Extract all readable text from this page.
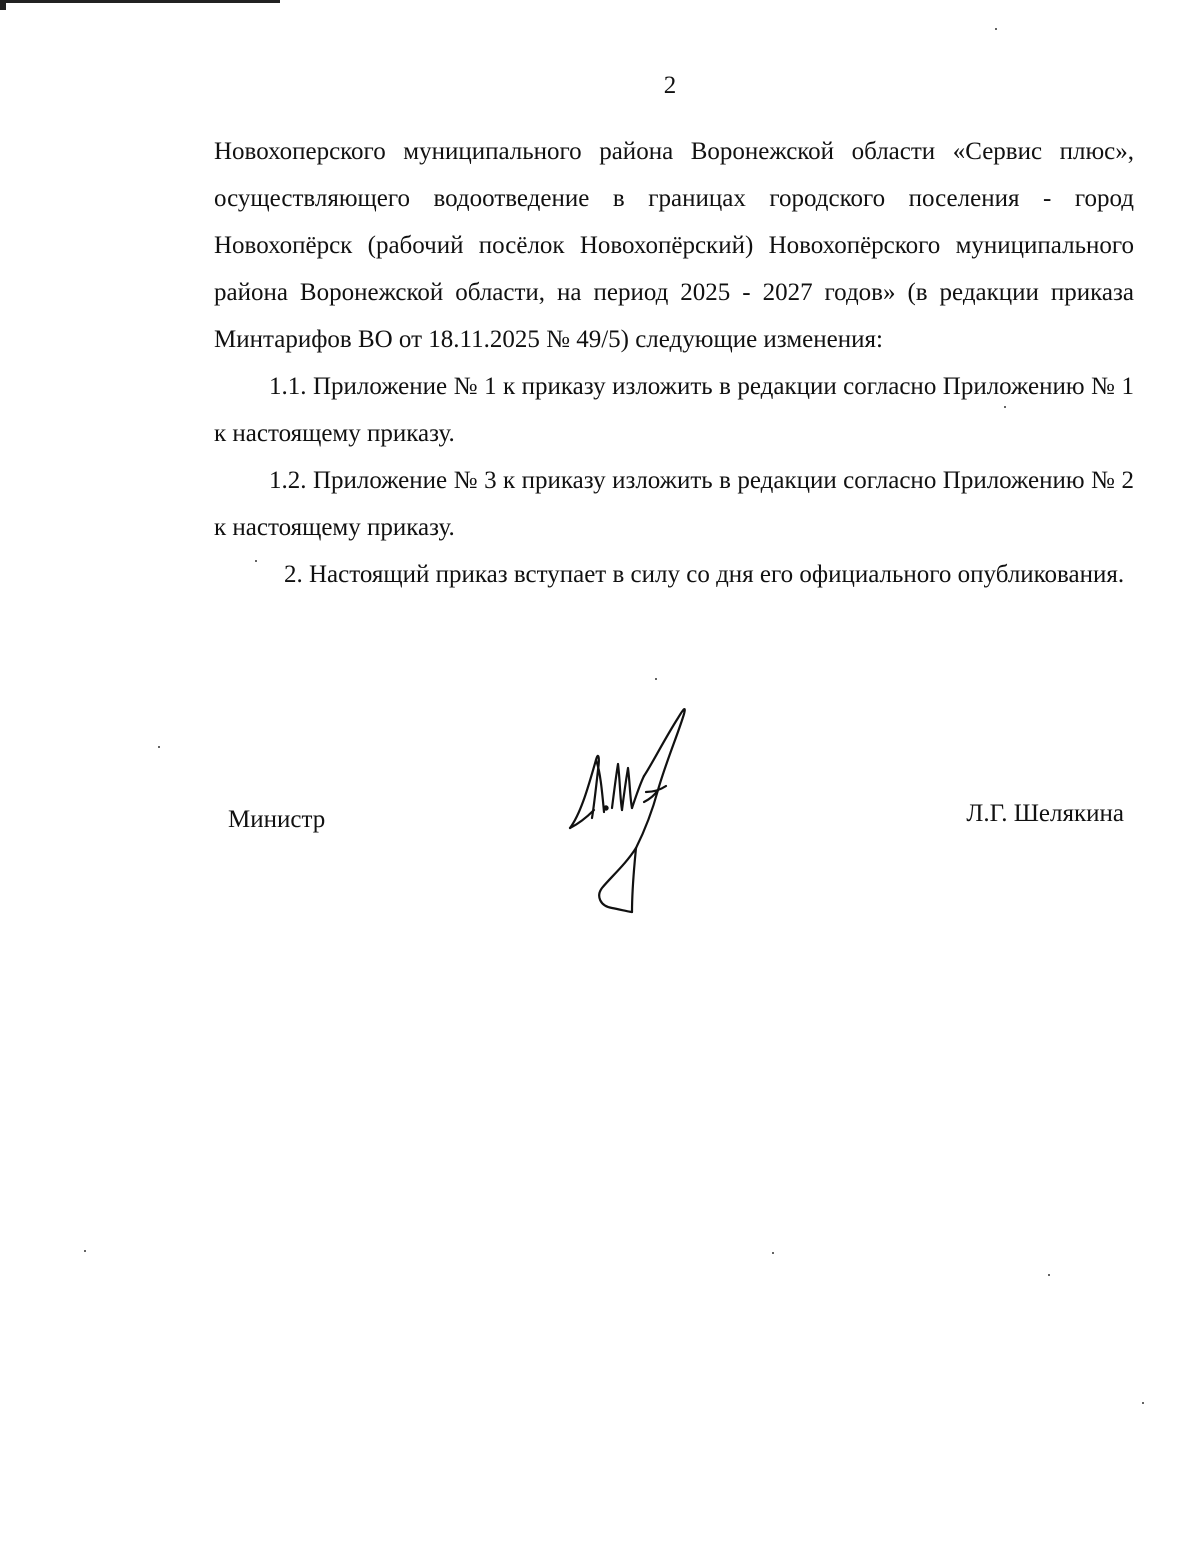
2

Новохоперского муниципального района Воронежской области «Сервис плюс», осуществляющего водоотведение в границах городского поселения - город Новохопёрск (рабочий посёлок Новохопёрский) Новохопёрского муниципального района Воронежской области, на период 2025 - 2027 годов» (в редакции приказа Минтарифов ВО от 18.11.2025 № 49/5) следующие изменения:

1.1. Приложение № 1 к приказу изложить в редакции согласно Приложению № 1 к настоящему приказу.

1.2. Приложение № 3 к приказу изложить в редакции согласно Приложению № 2 к настоящему приказу.

2. Настоящий приказ вступает в силу со дня его официального опубликования.

Министр	Л.Г. Шелякина
